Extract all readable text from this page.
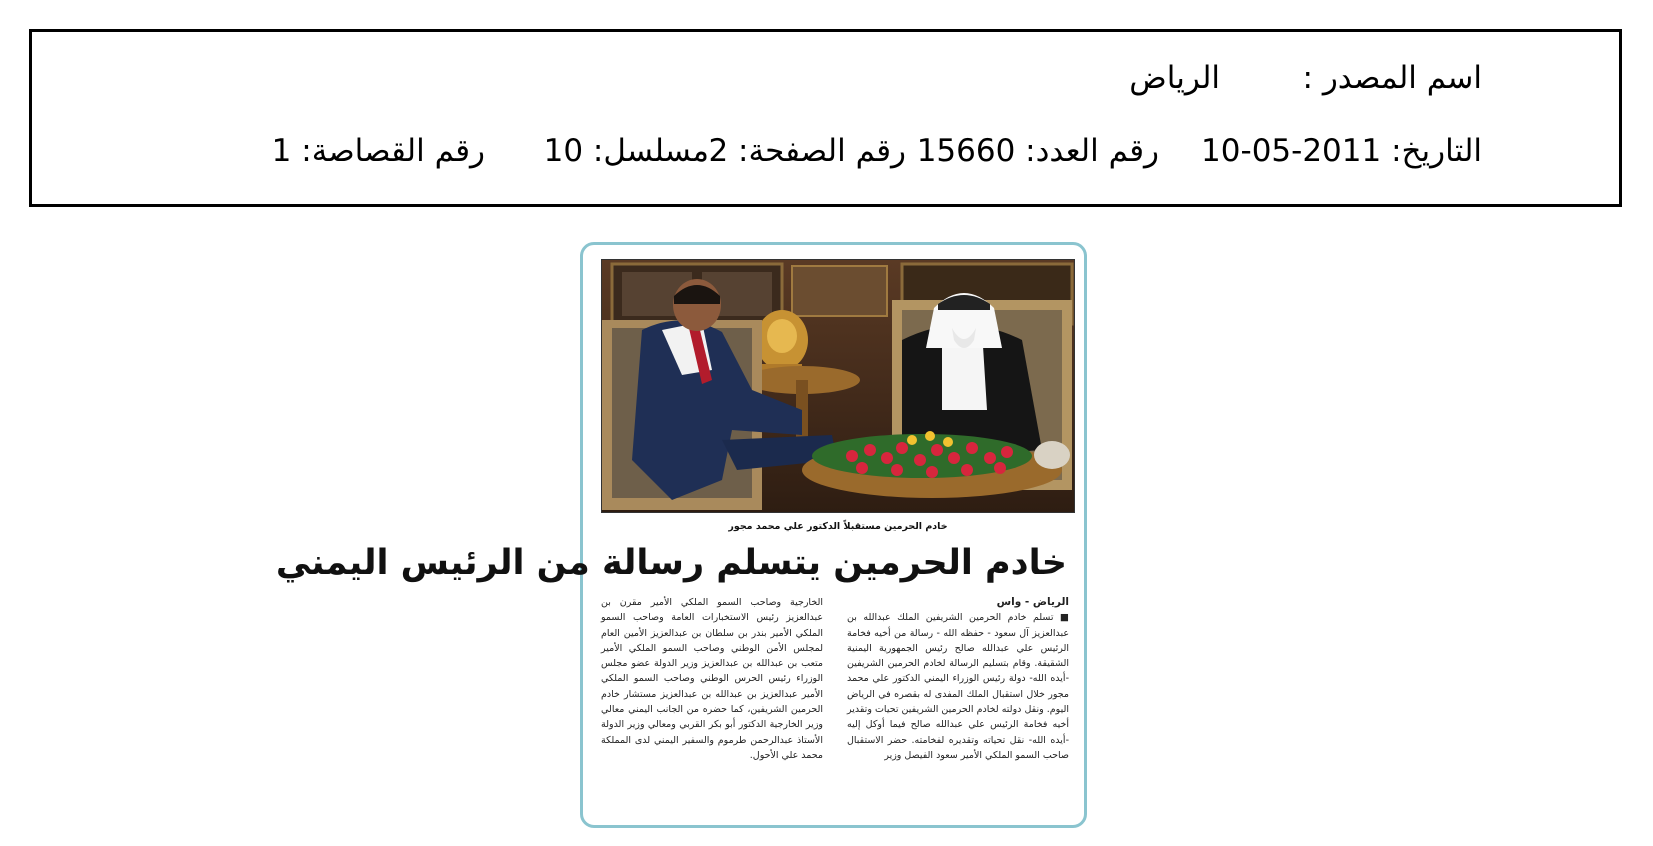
اسم المصدر :
الرياض
التاريخ: 2011-05-10
رقم العدد: 15660
رقم الصفحة: 2
مسلسل: 10
رقم القصاصة: 1
خادم الحرمين مستقبلاً الدكتور علي محمد مجور
خادم الحرمين يتسلم رسالة من الرئيس اليمني
الرياض - واس
■ تسلم خادم الحرمين الشريفين الملك عبدالله بن عبدالعزيز آل سعود - حفظه الله - رسالة من أخيه فخامة الرئيس علي عبدالله صالح رئيس الجمهورية اليمنية الشقيقة. وقام بتسليم الرسالة لخادم الحرمين الشريفين -أيده الله- دولة رئيس الوزراء اليمني الدكتور علي محمد مجور خلال استقبال الملك المفدى له بقصره في الرياض اليوم. ونقل دولته لخادم الحرمين الشريفين تحيات وتقدير أخيه فخامة الرئيس علي عبدالله صالح فيما أوكل إليه -أيده الله- نقل تحياته وتقديره لفخامته. حضر الاستقبال صاحب السمو الملكي الأمير سعود الفيصل وزير
الخارجية وصاحب السمو الملكي الأمير مقرن بن عبدالعزيز رئيس الاستخبارات العامة وصاحب السمو الملكي الأمير بندر بن سلطان بن عبدالعزيز الأمين العام لمجلس الأمن الوطني وصاحب السمو الملكي الأمير متعب بن عبدالله بن عبدالعزيز وزير الدولة عضو مجلس الوزراء رئيس الحرس الوطني وصاحب السمو الملكي الأمير عبدالعزيز بن عبدالله بن عبدالعزيز مستشار خادم الحرمين الشريفين، كما حضره من الجانب اليمني معالي وزير الخارجية الدكتور أبو بكر القربي ومعالي وزير الدولة الأستاذ عبدالرحمن طرموم والسفير اليمني لدى المملكة محمد علي الأحول.
